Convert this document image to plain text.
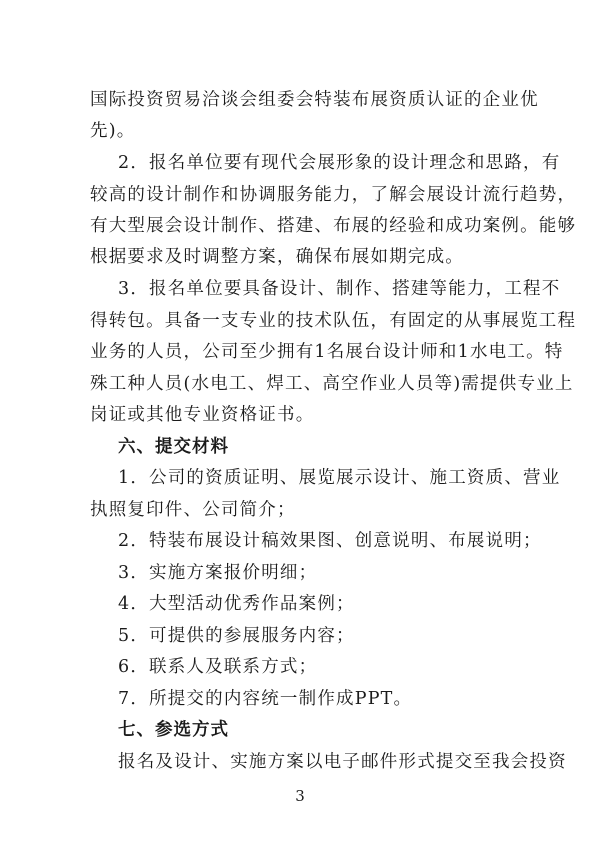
国际投资贸易洽谈会组委会特装布展资质认证的企业优
先)。
2．报名单位要有现代会展形象的设计理念和思路，有
较高的设计制作和协调服务能力，了解会展设计流行趋势，
有大型展会设计制作、搭建、布展的经验和成功案例。能够
根据要求及时调整方案，确保布展如期完成。
3．报名单位要具备设计、制作、搭建等能力，工程不
得转包。具备一支专业的技术队伍，有固定的从事展览工程
业务的人员，公司至少拥有1名展台设计师和1水电工。特
殊工种人员(水电工、焊工、高空作业人员等)需提供专业上
岗证或其他专业资格证书。
六、提交材料
1．公司的资质证明、展览展示设计、施工资质、营业
执照复印件、公司简介；
2．特装布展设计稿效果图、创意说明、布展说明；
3．实施方案报价明细；
4．大型活动优秀作品案例；
5．可提供的参展服务内容；
6．联系人及联系方式；
7．所提交的内容统一制作成PPT。
七、参选方式
报名及设计、实施方案以电子邮件形式提交至我会投资
3
